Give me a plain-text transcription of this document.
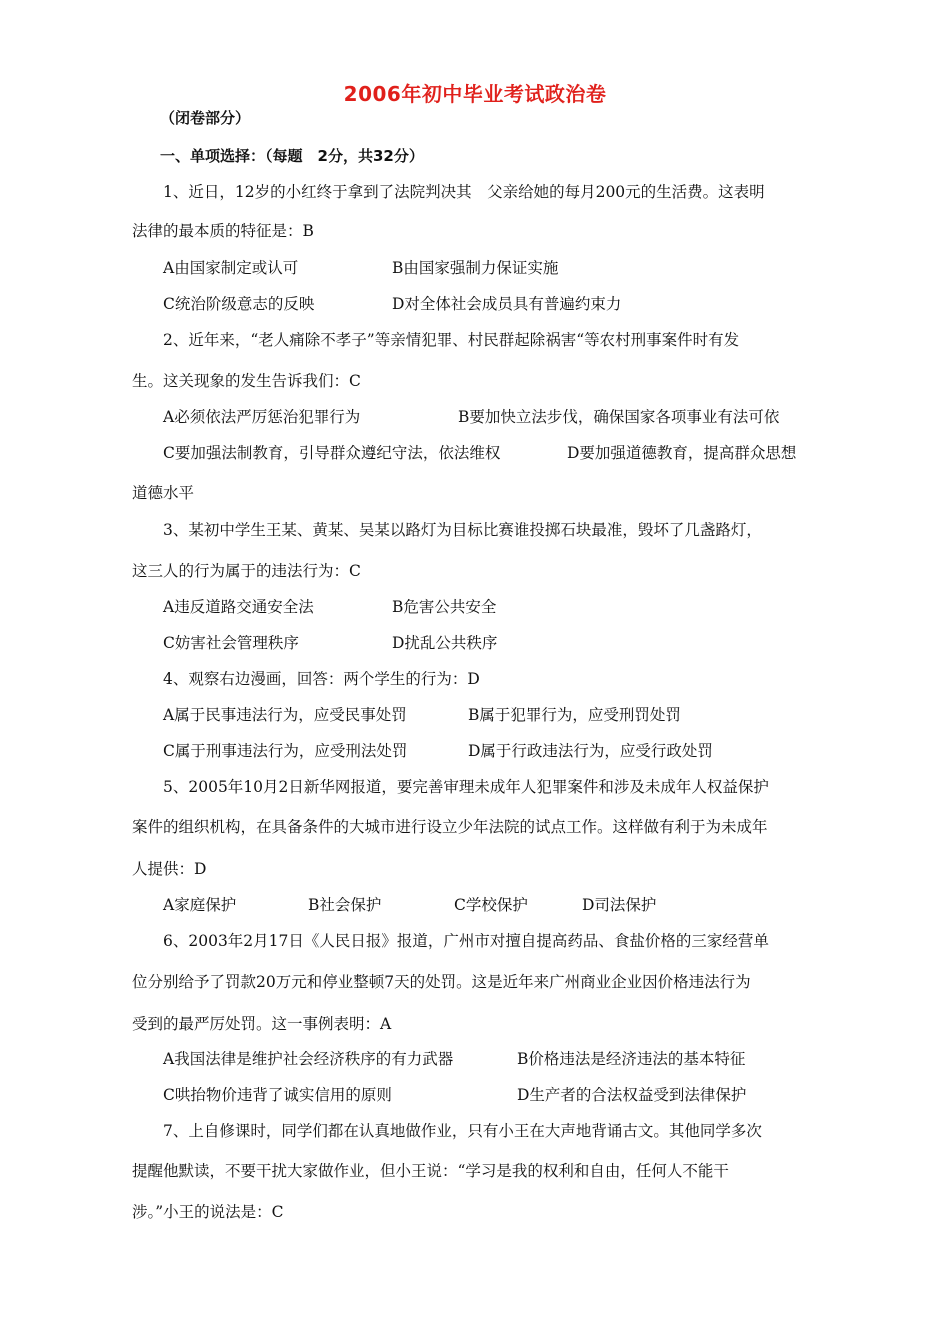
2006年初中毕业考试政治卷
（闭卷部分）
一、单项选择：（每题　2分，共32分）
1、近日，12岁的小红终于拿到了法院判决其　父亲给她的每月200元的生活费。这表明
法律的最本质的特征是：B
A由国家制定或认可	B由国家强制力保证实施
C统治阶级意志的反映	D对全体社会成员具有普遍约束力
2、近年来，“老人痛除不孝子”等亲情犯罪、村民群起除祸害“等农村刑事案件时有发
生。这关现象的发生告诉我们：C
A必须依法严厉惩治犯罪行为	B要加快立法步伐，确保国家各项事业有法可依
C要加强法制教育，引导群众遵纪守法，依法维权	D要加强道德教育，提高群众思想
道德水平
3、某初中学生王某、黄某、吴某以路灯为目标比赛谁投掷石块最准，毁坏了几盏路灯，
这三人的行为属于的违法行为：C
A违反道路交通安全法	B危害公共安全
C妨害社会管理秩序	D扰乱公共秩序
4、观察右边漫画，回答：两个学生的行为：D
A属于民事违法行为，应受民事处罚	B属于犯罪行为，应受刑罚处罚
C属于刑事违法行为，应受刑法处罚	D属于行政违法行为，应受行政处罚
5、2005年10月2日新华网报道，要完善审理未成年人犯罪案件和涉及未成年人权益保护
案件的组织机构，在具备条件的大城市进行设立少年法院的试点工作。这样做有利于为未成年
人提供：D
A家庭保护	B社会保护	C学校保护	D司法保护
6、2003年2月17日《人民日报》报道，广州市对擅自提高药品、食盐价格的三家经营单
位分别给予了罚款20万元和停业整顿7天的处罚。这是近年来广州商业企业因价格违法行为
受到的最严厉处罚。这一事例表明：A
A我国法律是维护社会经济秩序的有力武器	B价格违法是经济违法的基本特征
C哄抬物价违背了诚实信用的原则	D生产者的合法权益受到法律保护
7、上自修课时，同学们都在认真地做作业，只有小王在大声地背诵古文。其他同学多次
提醒他默读，不要干扰大家做作业，但小王说：“学习是我的权利和自由，任何人不能干
涉。”小王的说法是：C
